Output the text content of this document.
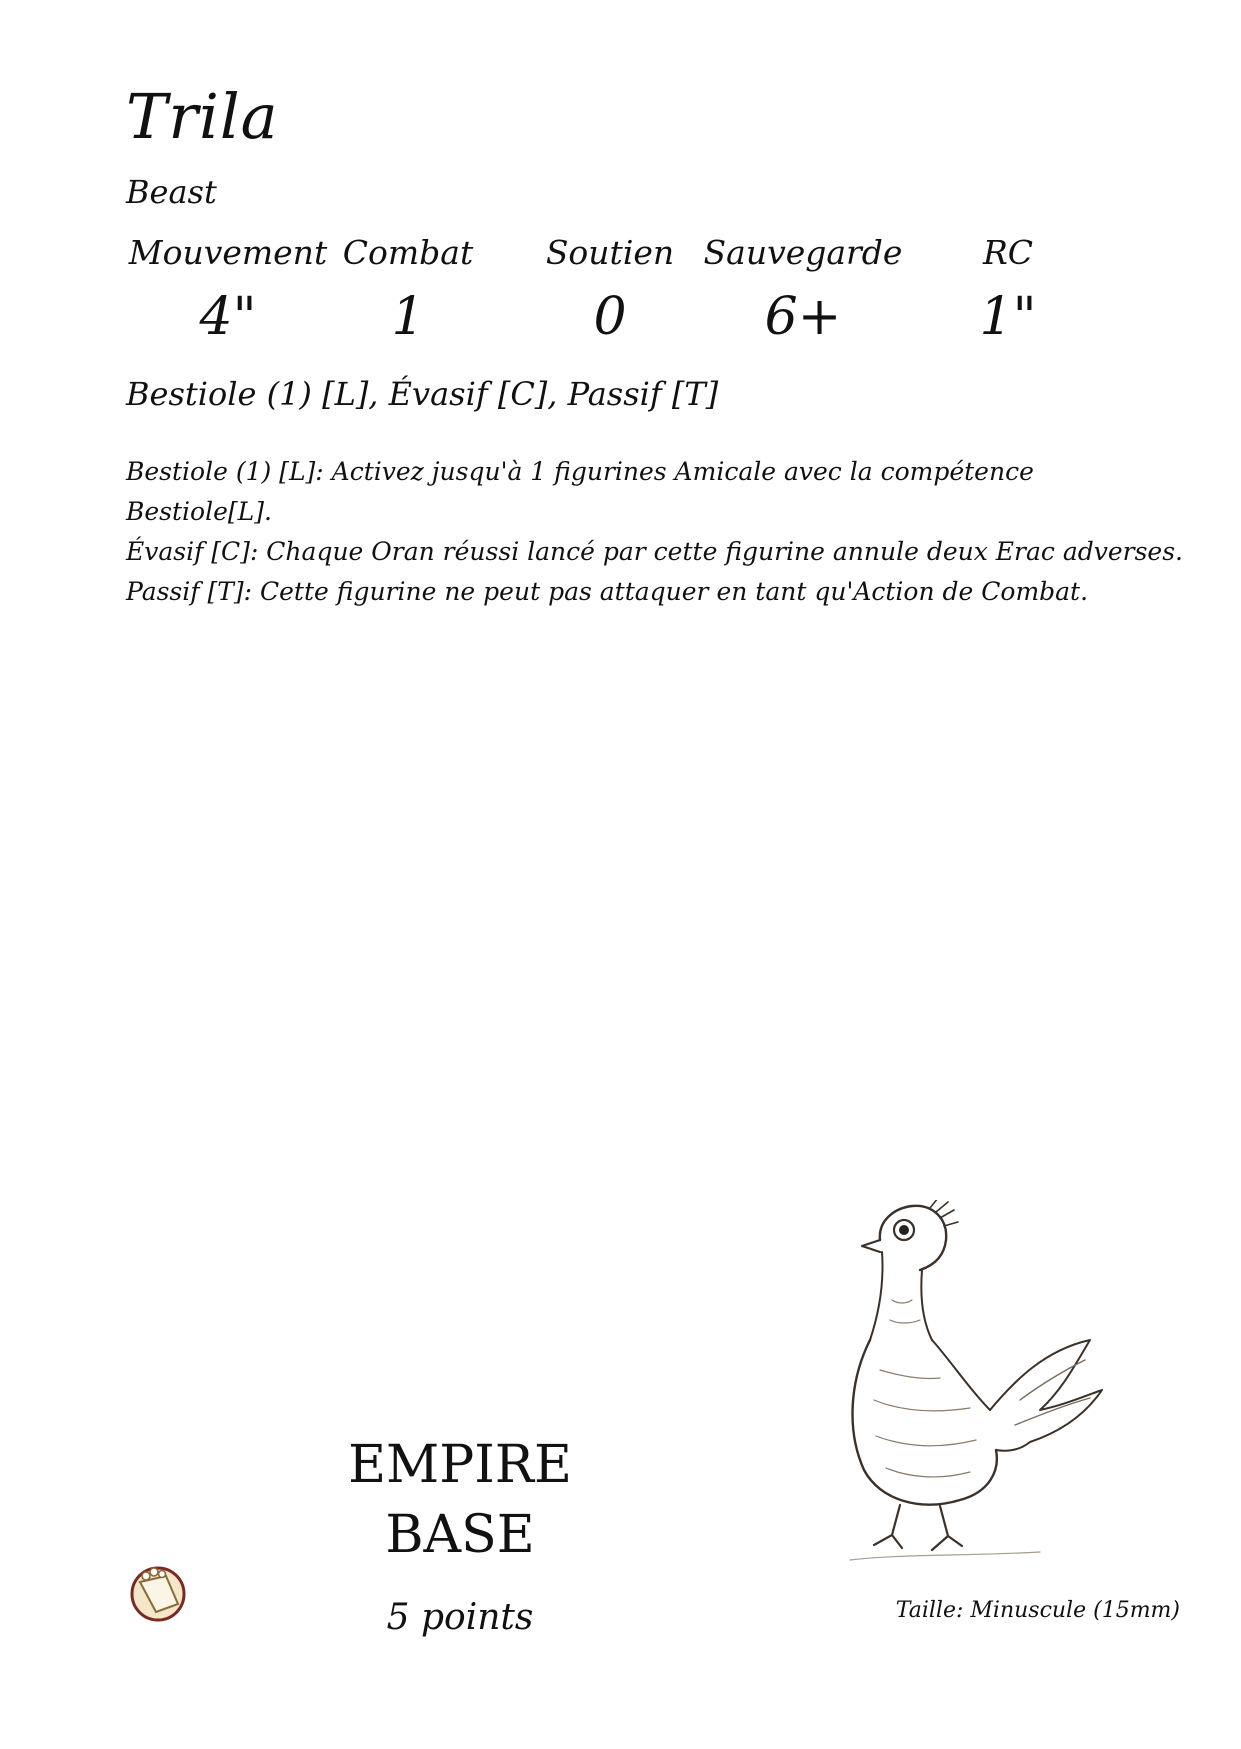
Trila
Beast
Mouvement
4"
Combat
1
Soutien
0
Sauvegarde
6+
RC
1"
Bestiole (1) [L], Évasif [C], Passif [T]
Bestiole (1) [L]: Activez jusqu'à 1 figurines Amicale avec la compétence
Bestiole[L].
Évasif [C]: Chaque Oran réussi lancé par cette figurine annule deux Erac adverses.
Passif [T]: Cette figurine ne peut pas attaquer en tant qu'Action de Combat.
EMPIRE
BASE
5 points	Taille: Minuscule (15mm)
